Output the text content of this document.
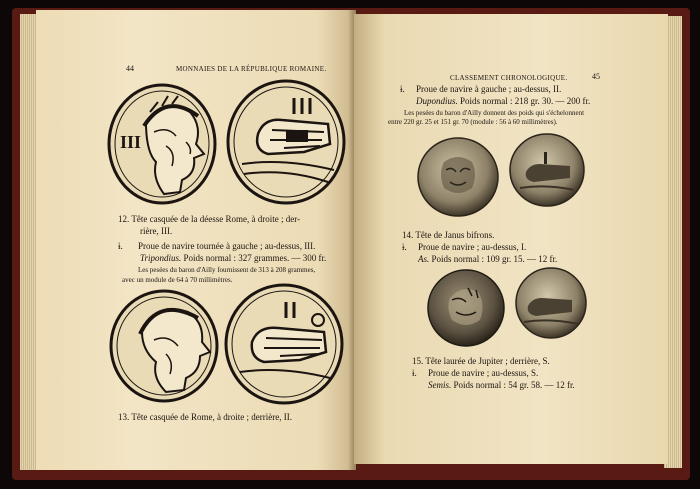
44	MONNAIES DE LA RÉPUBLIQUE ROMAINE.
III
12. Tête casquée de la déesse Rome, à droite ; der-
rière, III.
ɨ. Proue de navire tournée à gauche ; au-dessus, III.
Tripondius. Poids normal : 327 grammes. — 300 fr.
Les pesées du baron d'Ailly fournissent de 313 à 208 grammes,
avec un module de 64 à 70 millimètres.
13. Tête casquée de Rome, à droite ; derrière, II.
CLASSEMENT CHRONOLOGIQUE.	45
ɨ. Proue de navire à gauche ; au-dessus, II.
Dupondius. Poids normal : 218 gr. 30. — 200 fr.
Les pesées du baron d'Ailly donnent des poids qui s'échelonnent
entre 220 gr. 25 et 151 gr. 70 (module : 56 à 60 millimètres).
14. Tête de Janus bifrons.
ɨ. Proue de navire ; au-dessus, I.
As. Poids normal : 109 gr. 15. — 12 fr.
15. Tête laurée de Jupiter ; derrière, S.
ɨ. Proue de navire ; au-dessus, S.
Semis. Poids normal : 54 gr. 58. — 12 fr.
